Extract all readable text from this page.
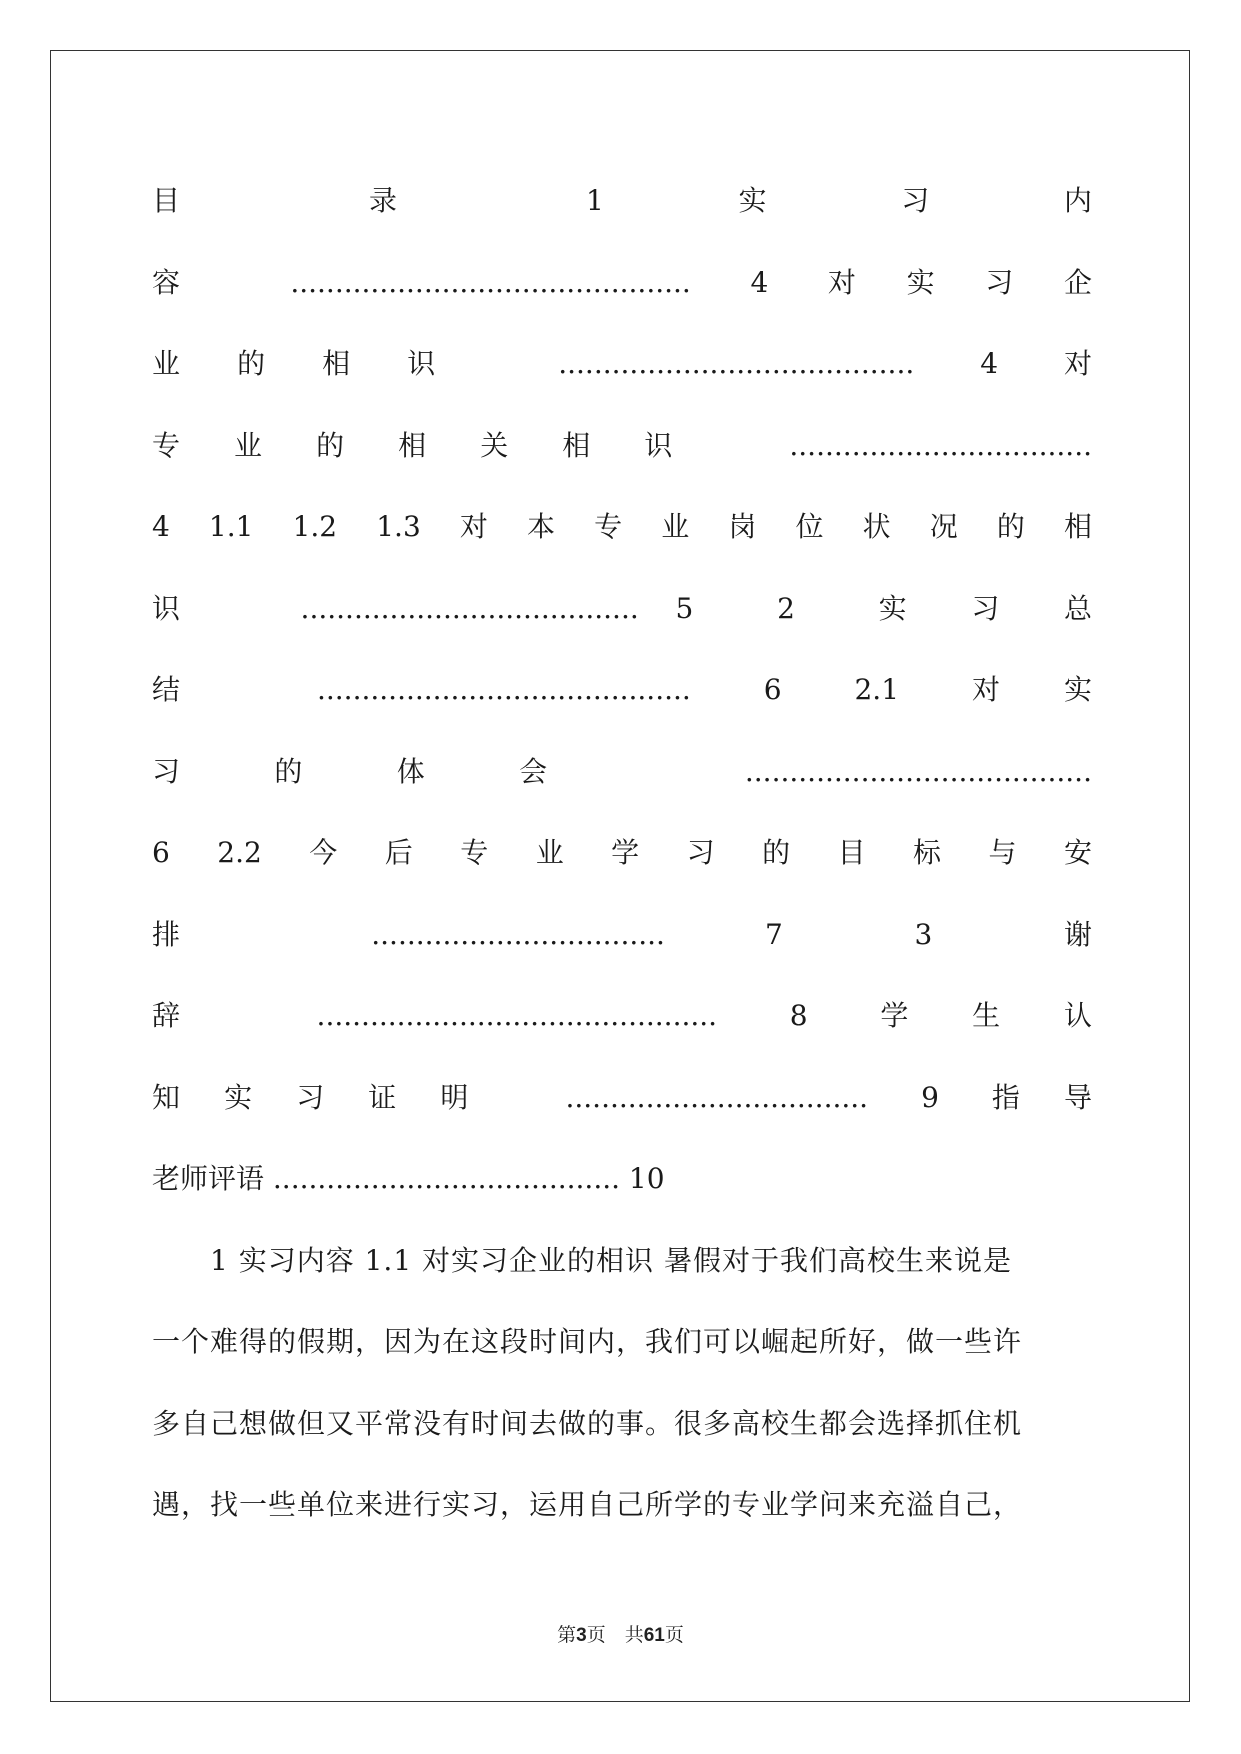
目　　　录　　　1　　实　　习　　内
容 ............................................. 4 对实习企
业的相识 ........................................ 4 对
专业的相关相识 ..................................
4　1.1　1.2　1.3　对　本　专　业　岗　位　状　况　的　相
识　 ...................................... 5　2　实 习 总
结 .......................................... 6 2.1 对实
习的体会 .......................................
6　2.2　今　后　专　业　学　习　的　目　标　与　安
排　　 ................................. 　7　 3　 谢
辞 ............................................. 8 学生认
知实习证明 .................................. 9 指导
老师评语 ....................................... 10
1 实习内容 1.1 对实习企业的相识 暑假对于我们高校生来说是
一个难得的假期，因为在这段时间内，我们可以崛起所好，做一些许
多自己想做但又平常没有时间去做的事。很多高校生都会选择抓住机
遇，找一些单位来进行实习，运用自己所学的专业学问来充溢自己，
第3页　共61页
